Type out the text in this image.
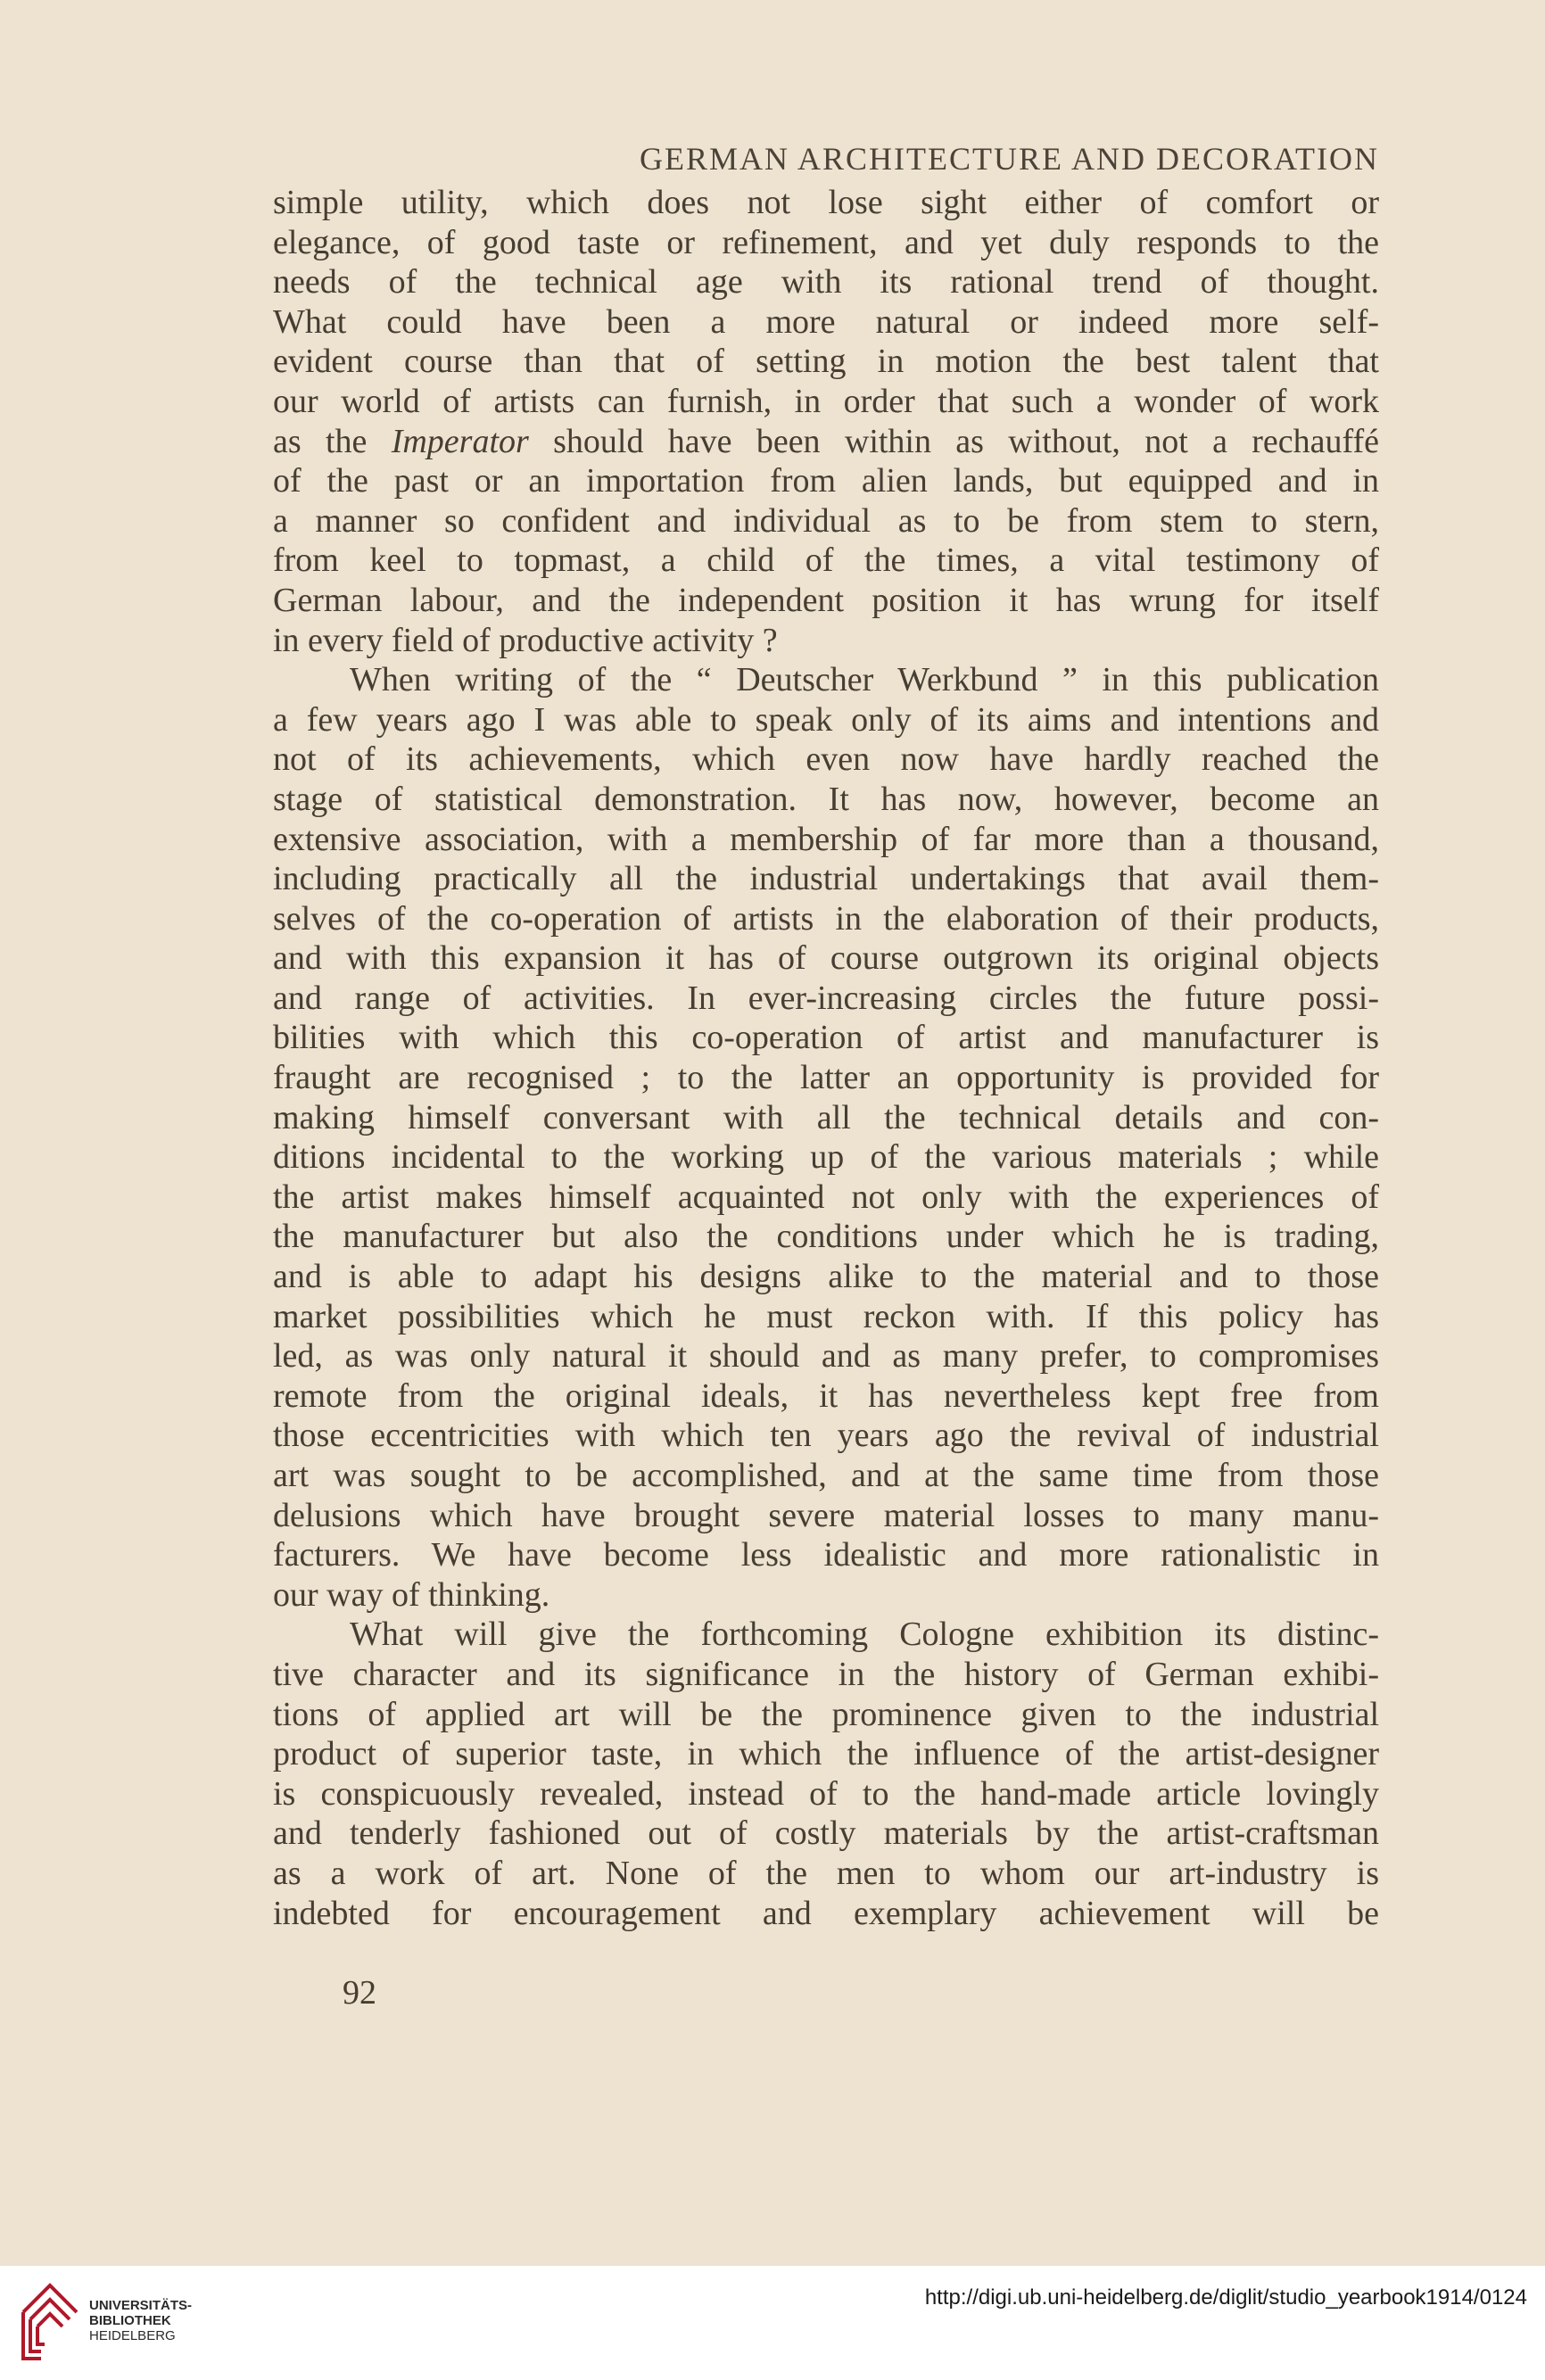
GERMAN ARCHITECTURE AND DECORATION
simple utility, which does not lose sight either of comfort or
elegance, of good taste or refinement, and yet duly responds to the
needs of the technical age with its rational trend of thought.
What could have been a more natural or indeed more self-
evident course than that of setting in motion the best talent that
our world of artists can furnish, in order that such a wonder of work
as the Imperator should have been within as without, not a rechauffé
of the past or an importation from alien lands, but equipped and in
a manner so confident and individual as to be from stem to stern,
from keel to topmast, a child of the times, a vital testimony of
German labour, and the independent position it has wrung for itself
in every field of productive activity ?
When writing of the “ Deutscher Werkbund ” in this publication
a few years ago I was able to speak only of its aims and intentions and
not of its achievements, which even now have hardly reached the
stage of statistical demonstration. It has now, however, become an
extensive association, with a membership of far more than a thousand,
including practically all the industrial undertakings that avail them-
selves of the co-operation of artists in the elaboration of their products,
and with this expansion it has of course outgrown its original objects
and range of activities. In ever-increasing circles the future possi-
bilities with which this co-operation of artist and manufacturer is
fraught are recognised ; to the latter an opportunity is provided for
making himself conversant with all the technical details and con-
ditions incidental to the working up of the various materials ; while
the artist makes himself acquainted not only with the experiences of
the manufacturer but also the conditions under which he is trading,
and is able to adapt his designs alike to the material and to those
market possibilities which he must reckon with. If this policy has
led, as was only natural it should and as many prefer, to compromises
remote from the original ideals, it has nevertheless kept free from
those eccentricities with which ten years ago the revival of industrial
art was sought to be accomplished, and at the same time from those
delusions which have brought severe material losses to many manu-
facturers. We have become less idealistic and more rationalistic in
our way of thinking.
What will give the forthcoming Cologne exhibition its distinc-
tive character and its significance in the history of German exhibi-
tions of applied art will be the prominence given to the industrial
product of superior taste, in which the influence of the artist-designer
is conspicuously revealed, instead of to the hand-made article lovingly
and tenderly fashioned out of costly materials by the artist-craftsman
as a work of art. None of the men to whom our art-industry is
indebted for encouragement and exemplary achievement will be
92
UNIVERSITÄTS-
BIBLIOTHEK
HEIDELBERG
http://digi.ub.uni-heidelberg.de/diglit/studio_yearbook1914/0124
